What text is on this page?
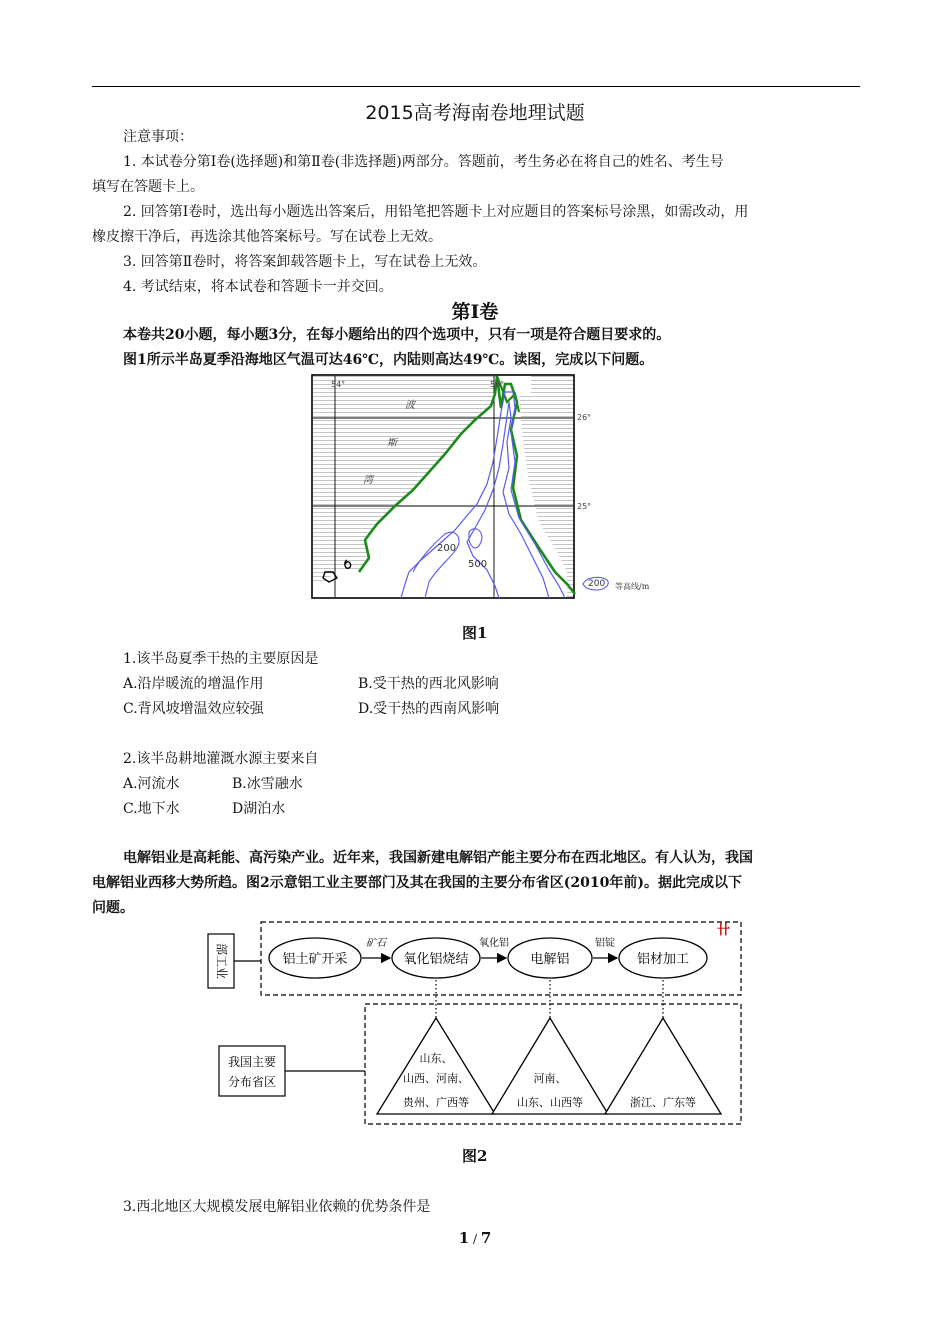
2015高考海南卷地理试题
注意事项：
1. 本试卷分第Ⅰ卷(选择题)和第Ⅱ卷(非选择题)两部分。答题前，考生务必在将自己的姓名、考生号
填写在答题卡上。
2. 回答第Ⅰ卷时，选出每小题选出答案后，用铅笔把答题卡上对应题目的答案标号涂黑，如需改动，用
橡皮擦干净后，再选涂其他答案标号。写在试卷上无效。
3. 回答第Ⅱ卷时，将答案卸载答题卡上，写在试卷上无效。
4. 考试结束，将本试卷和答题卡一并交回。
第Ⅰ卷
本卷共20小题，每小题3分，在每小题给出的四个选项中，只有一项是符合题目要求的。
图1所示半岛夏季沿海地区气温可达46℃，内陆则高达49℃。读图，完成以下问题。
54°	56°
26°
25°
波
斯
湾
200
500
200 等高线/m
图1
1.该半岛夏季干热的主要原因是
A.沿岸暖流的增温作用	B.受干热的西北风影响
C.背风坡增温效应较强	D.受干热的西南风影响
2.该半岛耕地灌溉水源主要来自
A.河流水	B.冰雪融水
C.地下水	D湖泊水
电解铝业是高耗能、高污染产业。近年来，我国新建电解铝产能主要分布在西北地区。有人认为，我国
电解铝业西移大势所趋。图2示意铝工业主要部门及其在我国的主要分布省区(2010年前)。据此完成以下
问题。
部工业
卄
铝土矿开采	氧化铝烧结	电解铝	铝材加工
矿石	氧化铝	铝锭
我国主要
分布省区
山东、
山西、河南、
贵州、广西等
河南、
山东、山西等	浙江、广东等
图2
3.西北地区大规模发展电解铝业依赖的优势条件是
1 / 7
